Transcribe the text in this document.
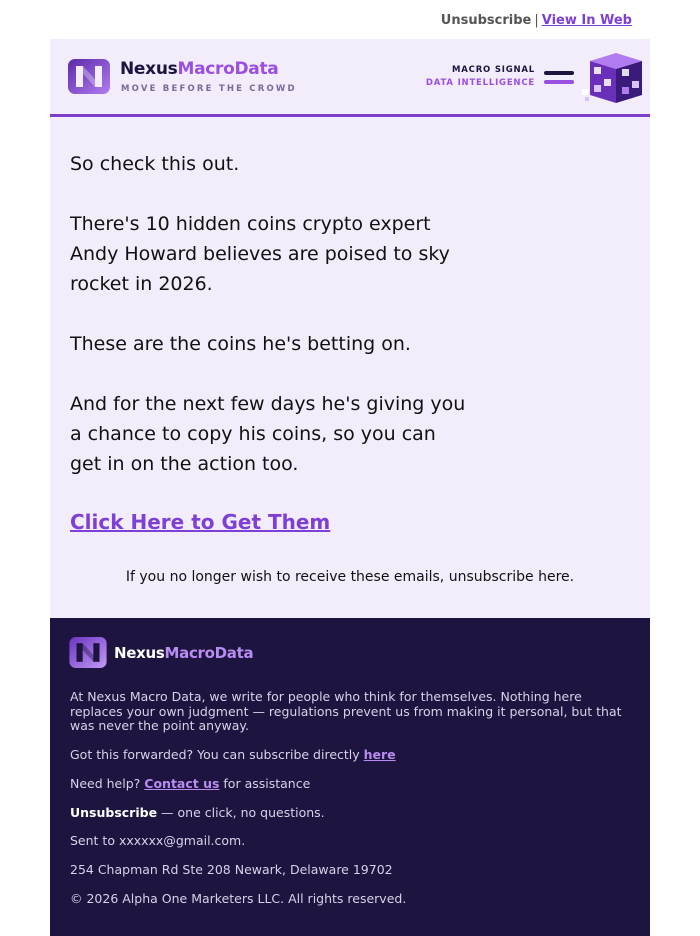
Unsubscribe | View In Web
NexusMacroData
MOVE BEFORE THE CROWD
MACRO SIGNAL
DATA INTELLIGENCE

So check this out.

There's 10 hidden coins crypto expert Andy Howard believes are poised to sky rocket in 2026.

These are the coins he's betting on.

And for the next few days he's giving you a chance to copy his coins, so you can get in on the action too.

Click Here to Get Them
If you no longer wish to receive these emails, unsubscribe here.
NexusMacroData
At Nexus Macro Data, we write for people who think for themselves. Nothing here replaces your own judgment — regulations prevent us from making it personal, but that was never the point anyway.
Got this forwarded? You can subscribe directly here
Need help? Contact us for assistance
Unsubscribe — one click, no questions.
Sent to xxxxxx@gmail.com.
254 Chapman Rd Ste 208 Newark, Delaware 19702
© 2026 Alpha One Marketers LLC. All rights reserved.
